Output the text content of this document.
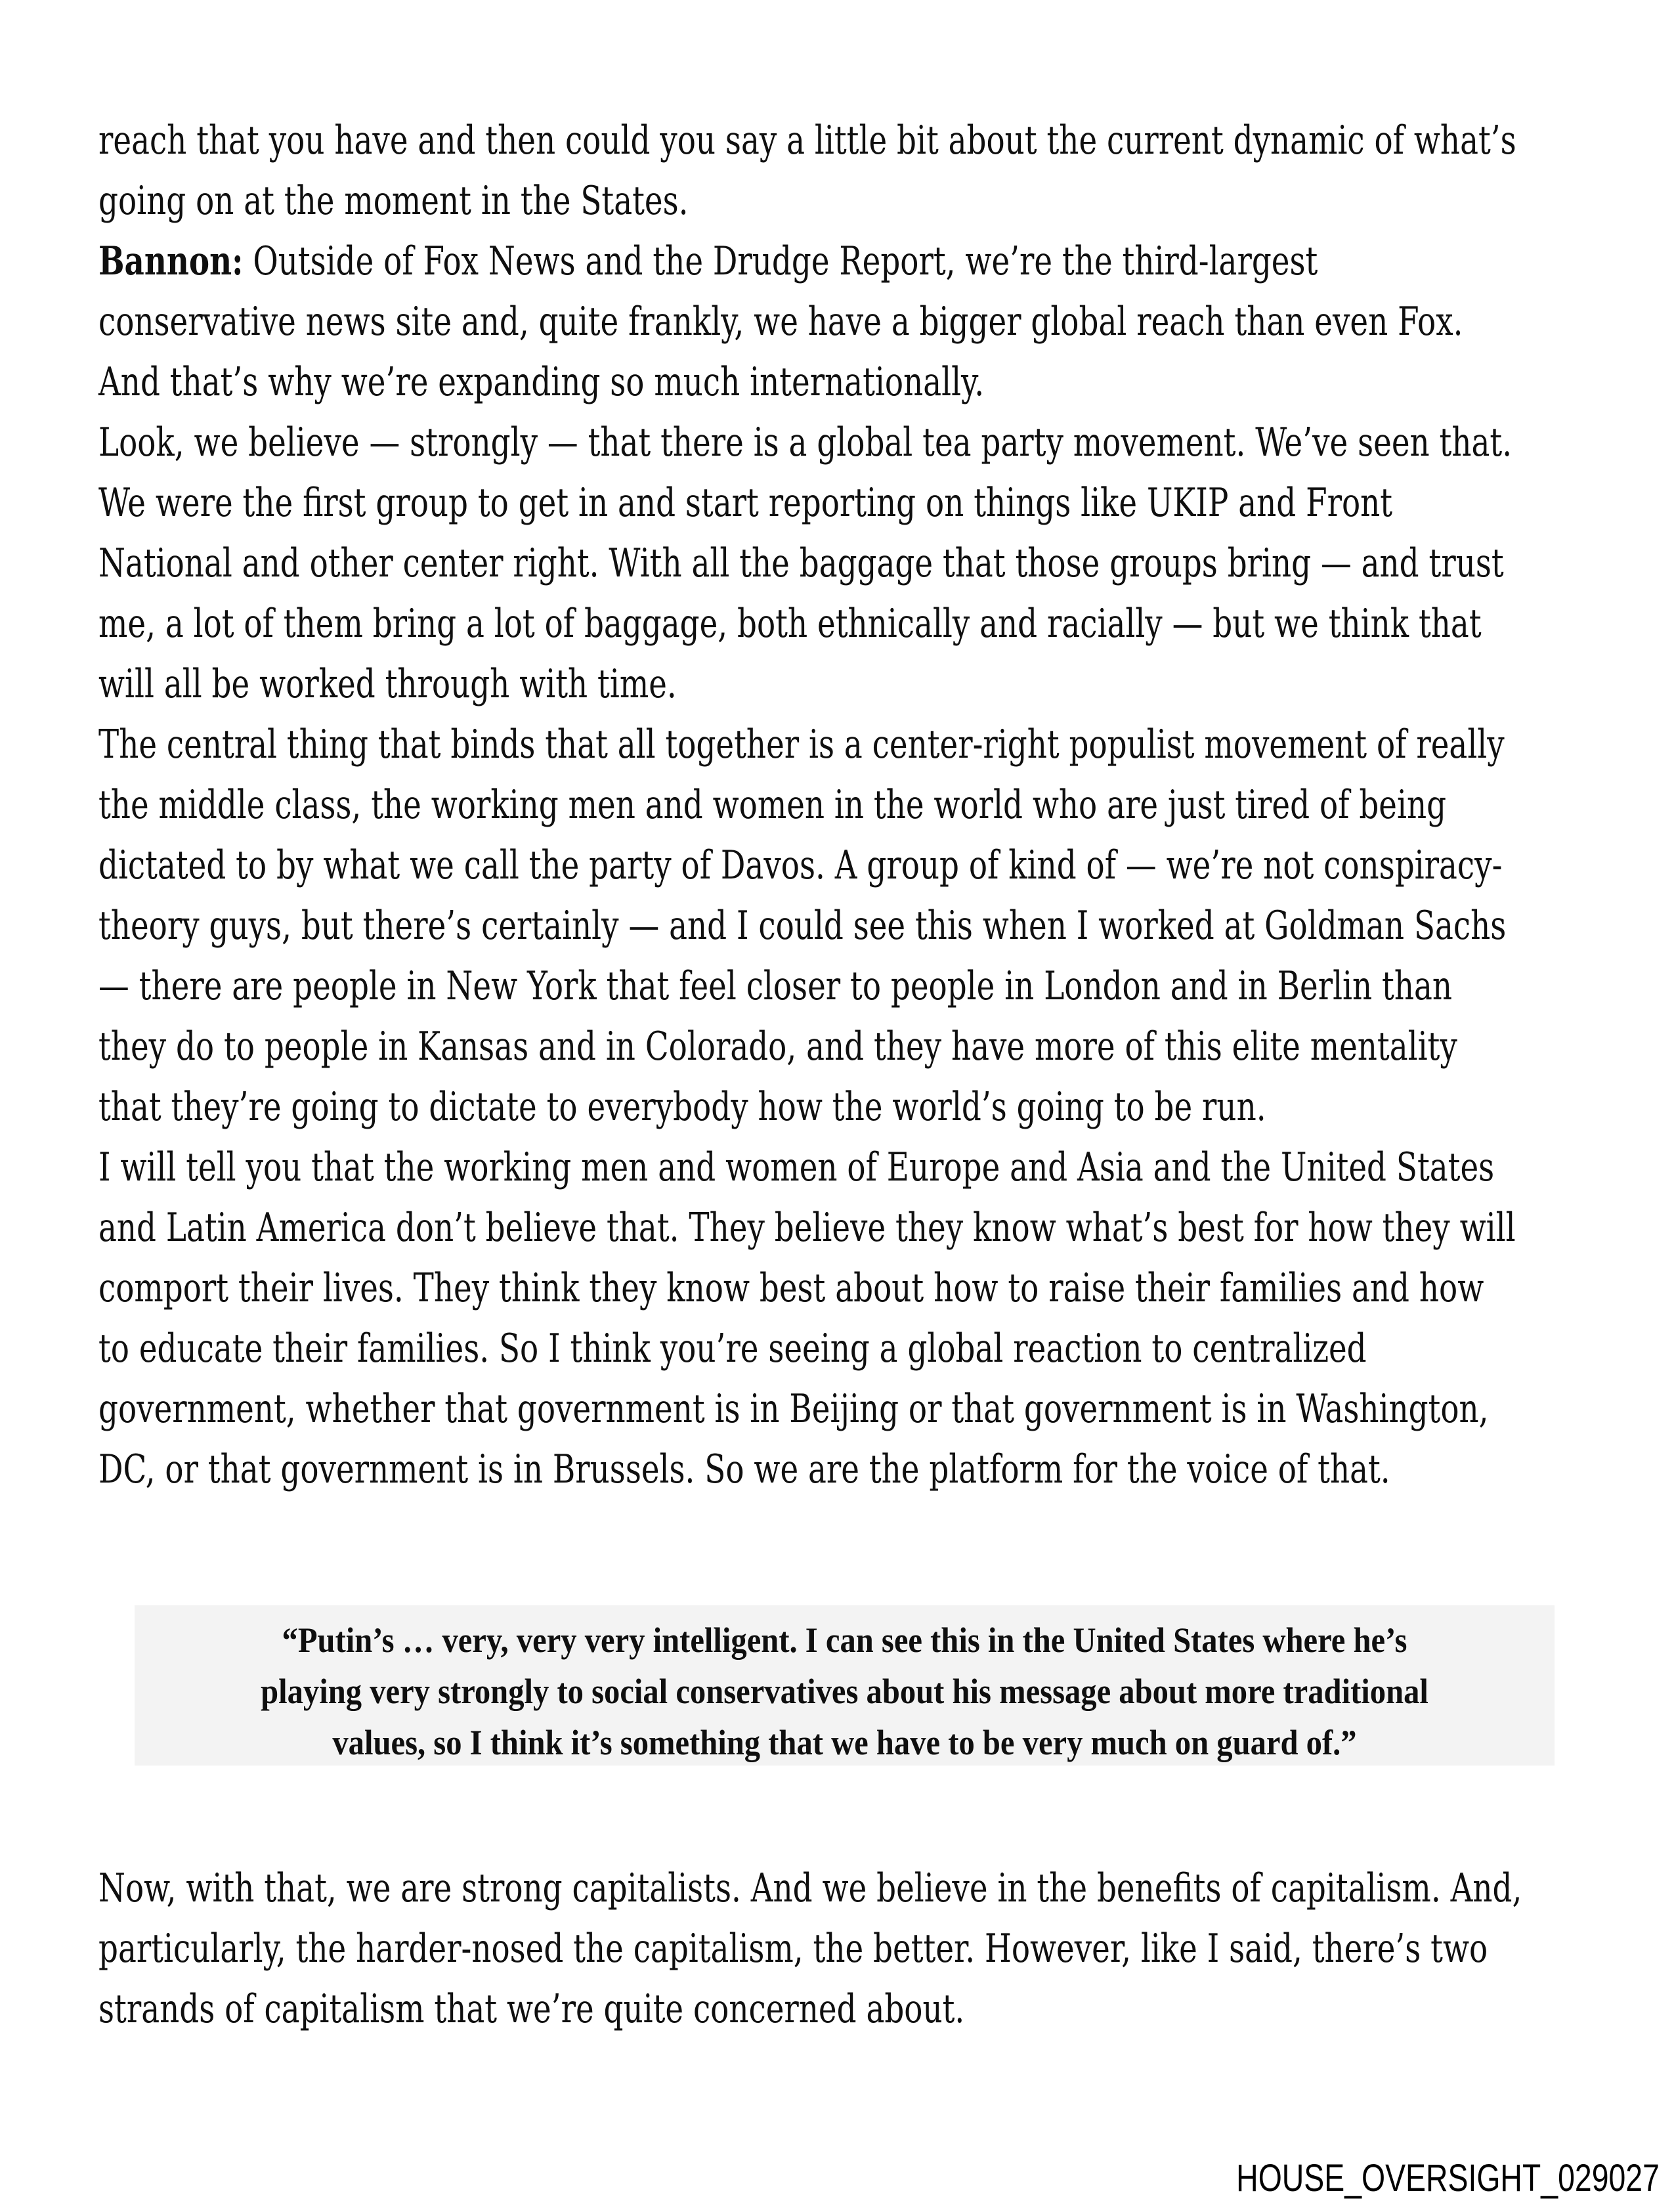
reach that you have and then could you say a little bit about the current dynamic of what’s
going on at the moment in the States.
Bannon: Outside of Fox News and the Drudge Report, we’re the third-largest
conservative news site and, quite frankly, we have a bigger global reach than even Fox.
And that’s why we’re expanding so much internationally.
Look, we believe — strongly — that there is a global tea party movement. We’ve seen that.
We were the first group to get in and start reporting on things like UKIP and Front
National and other center right. With all the baggage that those groups bring — and trust
me, a lot of them bring a lot of baggage, both ethnically and racially — but we think that
will all be worked through with time.
The central thing that binds that all together is a center-right populist movement of really
the middle class, the working men and women in the world who are just tired of being
dictated to by what we call the party of Davos. A group of kind of — we’re not conspiracy-
theory guys, but there’s certainly — and I could see this when I worked at Goldman Sachs
— there are people in New York that feel closer to people in London and in Berlin than
they do to people in Kansas and in Colorado, and they have more of this elite mentality
that they’re going to dictate to everybody how the world’s going to be run.
I will tell you that the working men and women of Europe and Asia and the United States
and Latin America don’t believe that. They believe they know what’s best for how they will
comport their lives. They think they know best about how to raise their families and how
to educate their families. So I think you’re seeing a global reaction to centralized
government, whether that government is in Beijing or that government is in Washington,
DC, or that government is in Brussels. So we are the platform for the voice of that.
“Putin’s … very, very very intelligent. I can see this in the United States where he’s
playing very strongly to social conservatives about his message about more traditional
values, so I think it’s something that we have to be very much on guard of.”
Now, with that, we are strong capitalists. And we believe in the benefits of capitalism. And,
particularly, the harder-nosed the capitalism, the better. However, like I said, there’s two
strands of capitalism that we’re quite concerned about.
HOUSE_OVERSIGHT_029027
